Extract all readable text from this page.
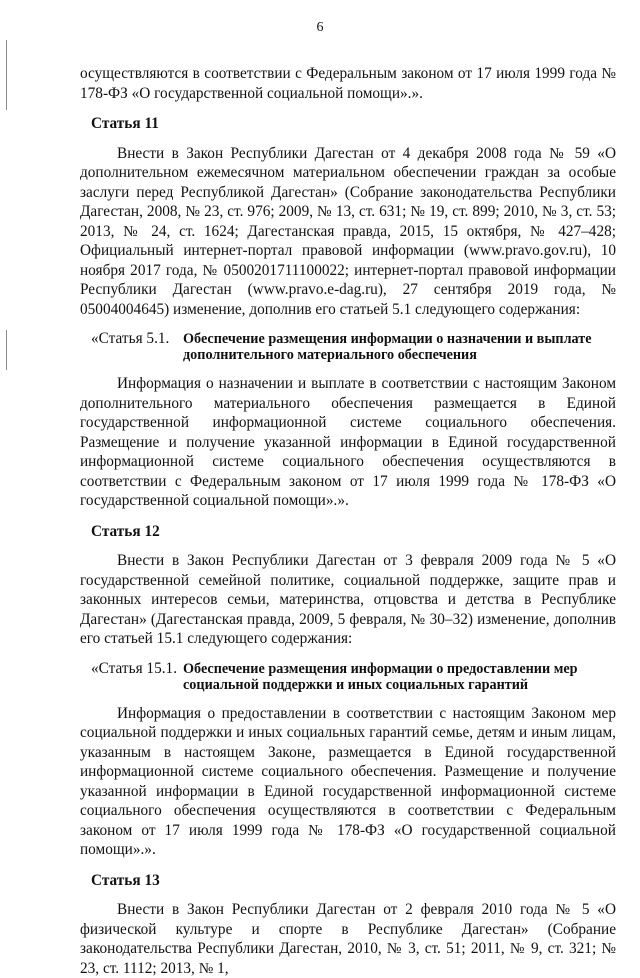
6

осуществляются в соответствии с Федеральным законом от 17 июля 1999 года № 178-ФЗ «О государственной социальной помощи».».

Статья 11

Внести в Закон Республики Дагестан от 4 декабря 2008 года № 59 «О дополнительном ежемесячном материальном обеспечении граждан за особые заслуги перед Республикой Дагестан» (Собрание законодательства Республики Дагестан, 2008, № 23, ст. 976; 2009, № 13, ст. 631; № 19, ст. 899; 2010, № 3, ст. 53; 2013, № 24, ст. 1624; Дагестанская правда, 2015, 15 октября, № 427–428; Официальный интернет-портал правовой информации (www.pravo.gov.ru), 10 ноября 2017 года, № 0500201711100022; интернет-портал правовой информации Республики Дагестан (www.pravo.e-dag.ru), 27 сентября 2019 года, № 05004004645) изменение, дополнив его статьей 5.1 следующего содержания:

«Статья 5.1. Обеспечение размещения информации о назначении и выплате дополнительного материального обеспечения

Информация о назначении и выплате в соответствии с настоящим Законом дополнительного материального обеспечения размещается в Единой государственной информационной системе социального обеспечения. Размещение и получение указанной информации в Единой государственной информационной системе социального обеспечения осуществляются в соответствии с Федеральным законом от 17 июля 1999 года № 178-ФЗ «О государственной социальной помощи».».

Статья 12

Внести в Закон Республики Дагестан от 3 февраля 2009 года № 5 «О государственной семейной политике, социальной поддержке, защите прав и законных интересов семьи, материнства, отцовства и детства в Республике Дагестан» (Дагестанская правда, 2009, 5 февраля, № 30–32) изменение, дополнив его статьей 15.1 следующего содержания:

«Статья 15.1. Обеспечение размещения информации о предоставлении мер социальной поддержки и иных социальных гарантий

Информация о предоставлении в соответствии с настоящим Законом мер социальной поддержки и иных социальных гарантий семье, детям и иным лицам, указанным в настоящем Законе, размещается в Единой государственной информационной системе социального обеспечения. Размещение и получение указанной информации в Единой государственной информационной системе социального обеспечения осуществляются в соответствии с Федеральным законом от 17 июля 1999 года № 178-ФЗ «О государственной социальной помощи».».

Статья 13

Внести в Закон Республики Дагестан от 2 февраля 2010 года № 5 «О физической культуре и спорте в Республике Дагестан» (Собрание законодательства Республики Дагестан, 2010, № 3, ст. 51; 2011, № 9, ст. 321; № 23, ст. 1112; 2013, № 1,
